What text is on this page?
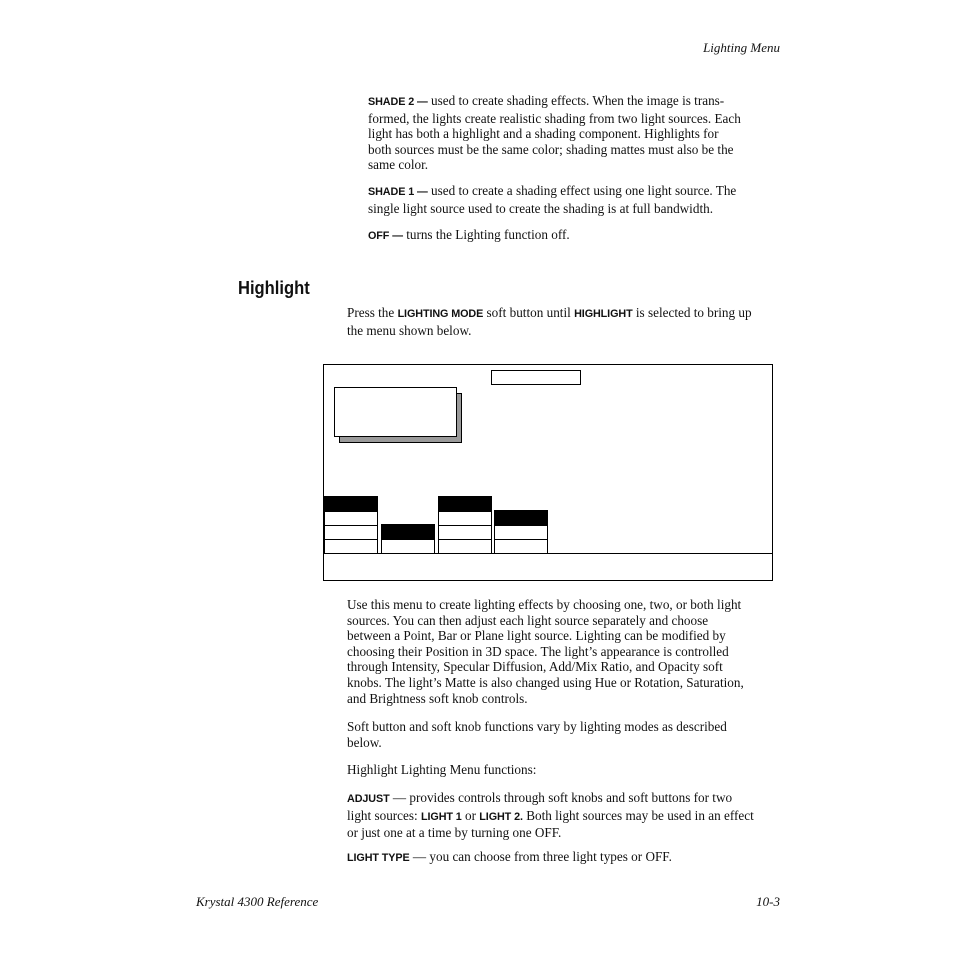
Lighting Menu

SHADE 2 — used to create shading effects. When the image is trans-

formed, the lights create realistic shading from two light sources. Each

light has both a highlight and a shading component. Highlights for

both sources must be the same color; shading mattes must also be the

same color.

SHADE 1 — used to create a shading effect using one light source. The

single light source used to create the shading is at full bandwidth.

OFF — turns the Lighting function off.

Highlight

Press the LIGHTING MODE soft button until HIGHLIGHT is selected to bring up

the menu shown below.

Use this menu to create lighting effects by choosing one, two, or both light

sources. You can then adjust each light source separately and choose

between a Point, Bar or Plane light source. Lighting can be modified by

choosing their Position in 3D space. The light’s appearance is controlled

through Intensity, Specular Diffusion, Add/Mix Ratio, and Opacity soft

knobs. The light’s Matte is also changed using Hue or Rotation, Saturation,

and Brightness soft knob controls.

Soft button and soft knob functions vary by lighting modes as described

below.

Highlight Lighting Menu functions:

ADJUST — provides controls through soft knobs and soft buttons for two

light sources: LIGHT 1 or LIGHT 2. Both light sources may be used in an effect

or just one at a time by turning one OFF.

LIGHT TYPE — you can choose from three light types or OFF.

Krystal 4300 Reference	10-3
